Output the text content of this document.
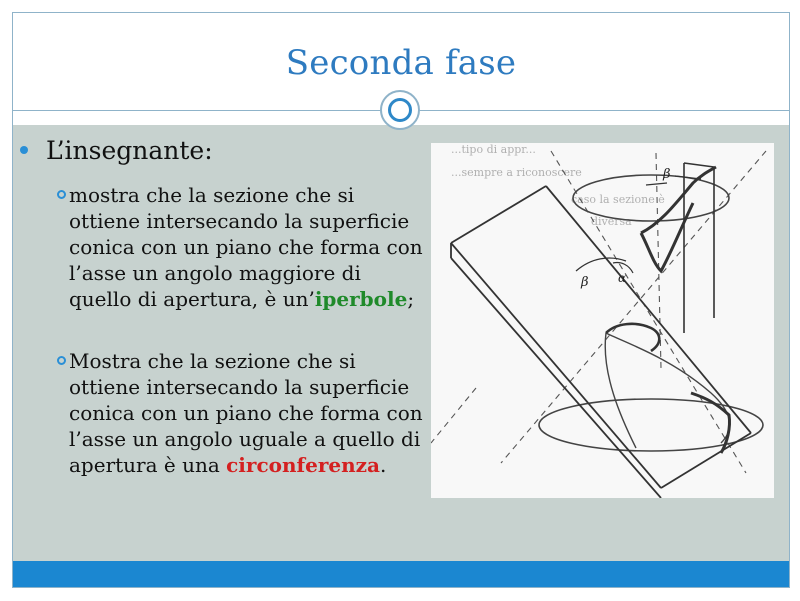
Seconda fase
L’insegnante:
mostra che la sezione che si ottiene intersecando la superficie conica con un piano che forma con l’asse un angolo maggiore di quello di apertura, è un’iperbole;
Mostra che la sezione che si ottiene intersecando la superficie conica con un piano che forma con l’asse un angolo uguale a quello di apertura è una circonferenza.
...tipo di appr...
...sempre a riconoscere
caso la sezione è
diversa
β
β α
